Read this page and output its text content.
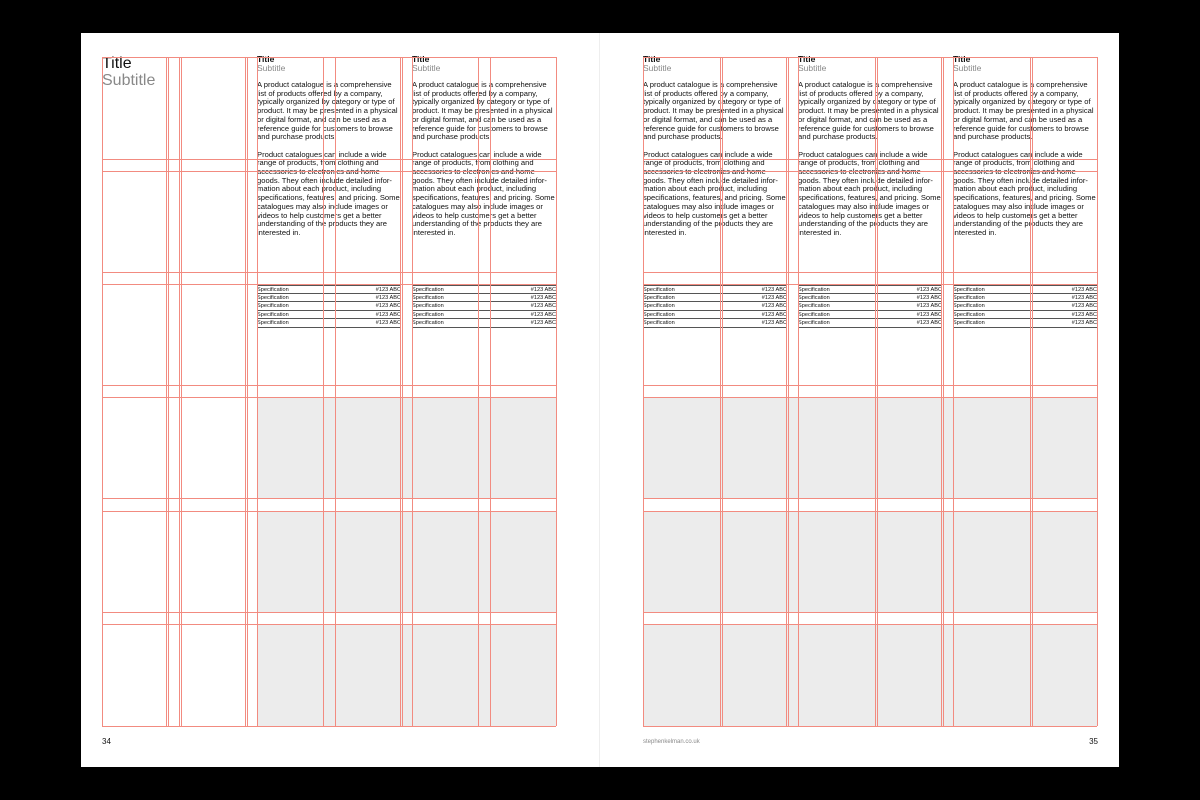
Title
Subtitle
Title
Subtitle

A product catalogue is a comprehensive list of products offered by a company, typically organized by category or type of product. It may be presented in a physical or digital format, and can be used as a reference guide for customers to browse and purchase products.

Product catalogues can include a wide range of products, from clothing and accessories to electronics and home goods. They often include detailed infor-mation about each product, including specifications, features, and pricing. Some catalogues may also include images or videos to help customers get a better understanding of the products they are interested in.

Title
Subtitle

A product catalogue is a comprehensive list of products offered by a company, typically organized by category or type of product. It may be presented in a physical or digital format, and can be used as a reference guide for customers to browse and purchase products.

Product catalogues can include a wide range of products, from clothing and accessories to electronics and home goods. They often include detailed infor-mation about each product, including specifications, features, and pricing. Some catalogues may also include images or videos to help customers get a better understanding of the products they are interested in.

Specification	#123 ABC
Specification	#123 ABC
Specification	#123 ABC
Specification	#123 ABC
Specification	#123 ABC
Specification	#123 ABC
Specification	#123 ABC
Specification	#123 ABC
Specification	#123 ABC
Specification	#123 ABC
34
Title
Subtitle

A product catalogue is a comprehensive list of products offered by a company, typically organized by category or type of product. It may be presented in a physical or digital format, and can be used as a reference guide for customers to browse and purchase products.

Product catalogues can include a wide range of products, from clothing and accessories to electronics and home goods. They often include detailed infor-mation about each product, including specifications, features, and pricing. Some catalogues may also include images or videos to help customers get a better understanding of the products they are interested in.

Title
Subtitle

A product catalogue is a comprehensive list of products offered by a company, typically organized by category or type of product. It may be presented in a physical or digital format, and can be used as a reference guide for customers to browse and purchase products.

Product catalogues can include a wide range of products, from clothing and accessories to electronics and home goods. They often include detailed infor-mation about each product, including specifications, features, and pricing. Some catalogues may also include images or videos to help customers get a better understanding of the products they are interested in.

Title
Subtitle

A product catalogue is a comprehensive list of products offered by a company, typically organized by category or type of product. It may be presented in a physical or digital format, and can be used as a reference guide for customers to browse and purchase products.

Product catalogues can include a wide range of products, from clothing and accessories to electronics and home goods. They often include detailed infor-mation about each product, including specifications, features, and pricing. Some catalogues may also include images or videos to help customers get a better understanding of the products they are interested in.

Specification	#123 ABC
Specification	#123 ABC
Specification	#123 ABC
Specification	#123 ABC
Specification	#123 ABC
Specification	#123 ABC
Specification	#123 ABC
Specification	#123 ABC
Specification	#123 ABC
Specification	#123 ABC
Specification	#123 ABC
Specification	#123 ABC
Specification	#123 ABC
Specification	#123 ABC
Specification	#123 ABC
stephenkelman.co.uk	35
